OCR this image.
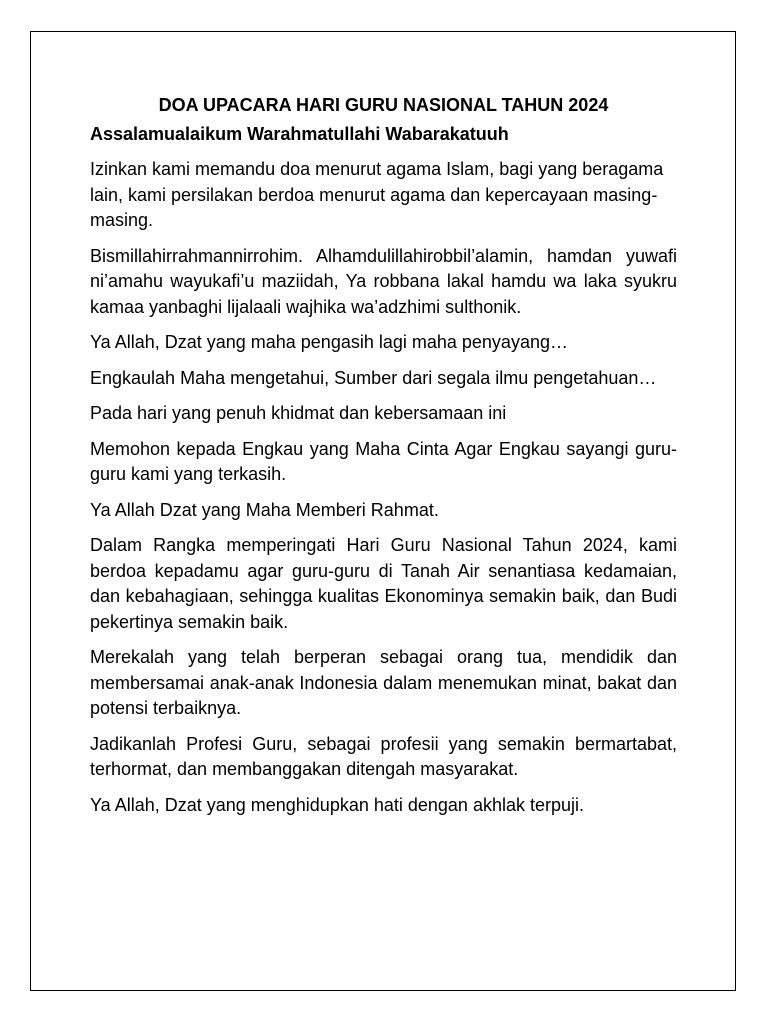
DOA UPACARA HARI GURU NASIONAL TAHUN 2024
Assalamualaikum Warahmatullahi Wabarakatuuh

Izinkan kami memandu doa menurut agama Islam, bagi yang beragama lain, kami persilakan berdoa menurut agama dan kepercayaan masing-masing.

Bismillahirrahmannirrohim. Alhamdulillahirobbil’alamin, hamdan yuwafi ni’amahu wayukafi’u maziidah, Ya robbana lakal hamdu wa laka syukru kamaa yanbaghi lijalaali wajhika wa’adzhimi sulthonik.

Ya Allah, Dzat yang maha pengasih lagi maha penyayang…

Engkaulah Maha mengetahui, Sumber dari segala ilmu pengetahuan…

Pada hari yang penuh khidmat dan kebersamaan ini

Memohon kepada Engkau yang Maha Cinta Agar Engkau sayangi guru-guru kami yang terkasih.

Ya Allah Dzat yang Maha Memberi Rahmat.

Dalam Rangka memperingati Hari Guru Nasional Tahun 2024, kami berdoa kepadamu agar guru-guru di Tanah Air senantiasa kedamaian, dan kebahagiaan, sehingga kualitas Ekonominya semakin baik, dan Budi pekertinya semakin baik.

Merekalah yang telah berperan sebagai orang tua, mendidik dan membersamai anak-anak Indonesia dalam menemukan minat, bakat dan potensi terbaiknya.

Jadikanlah Profesi Guru, sebagai profesii yang semakin bermartabat, terhormat, dan membanggakan ditengah masyarakat.

Ya Allah, Dzat yang menghidupkan hati dengan akhlak terpuji.
